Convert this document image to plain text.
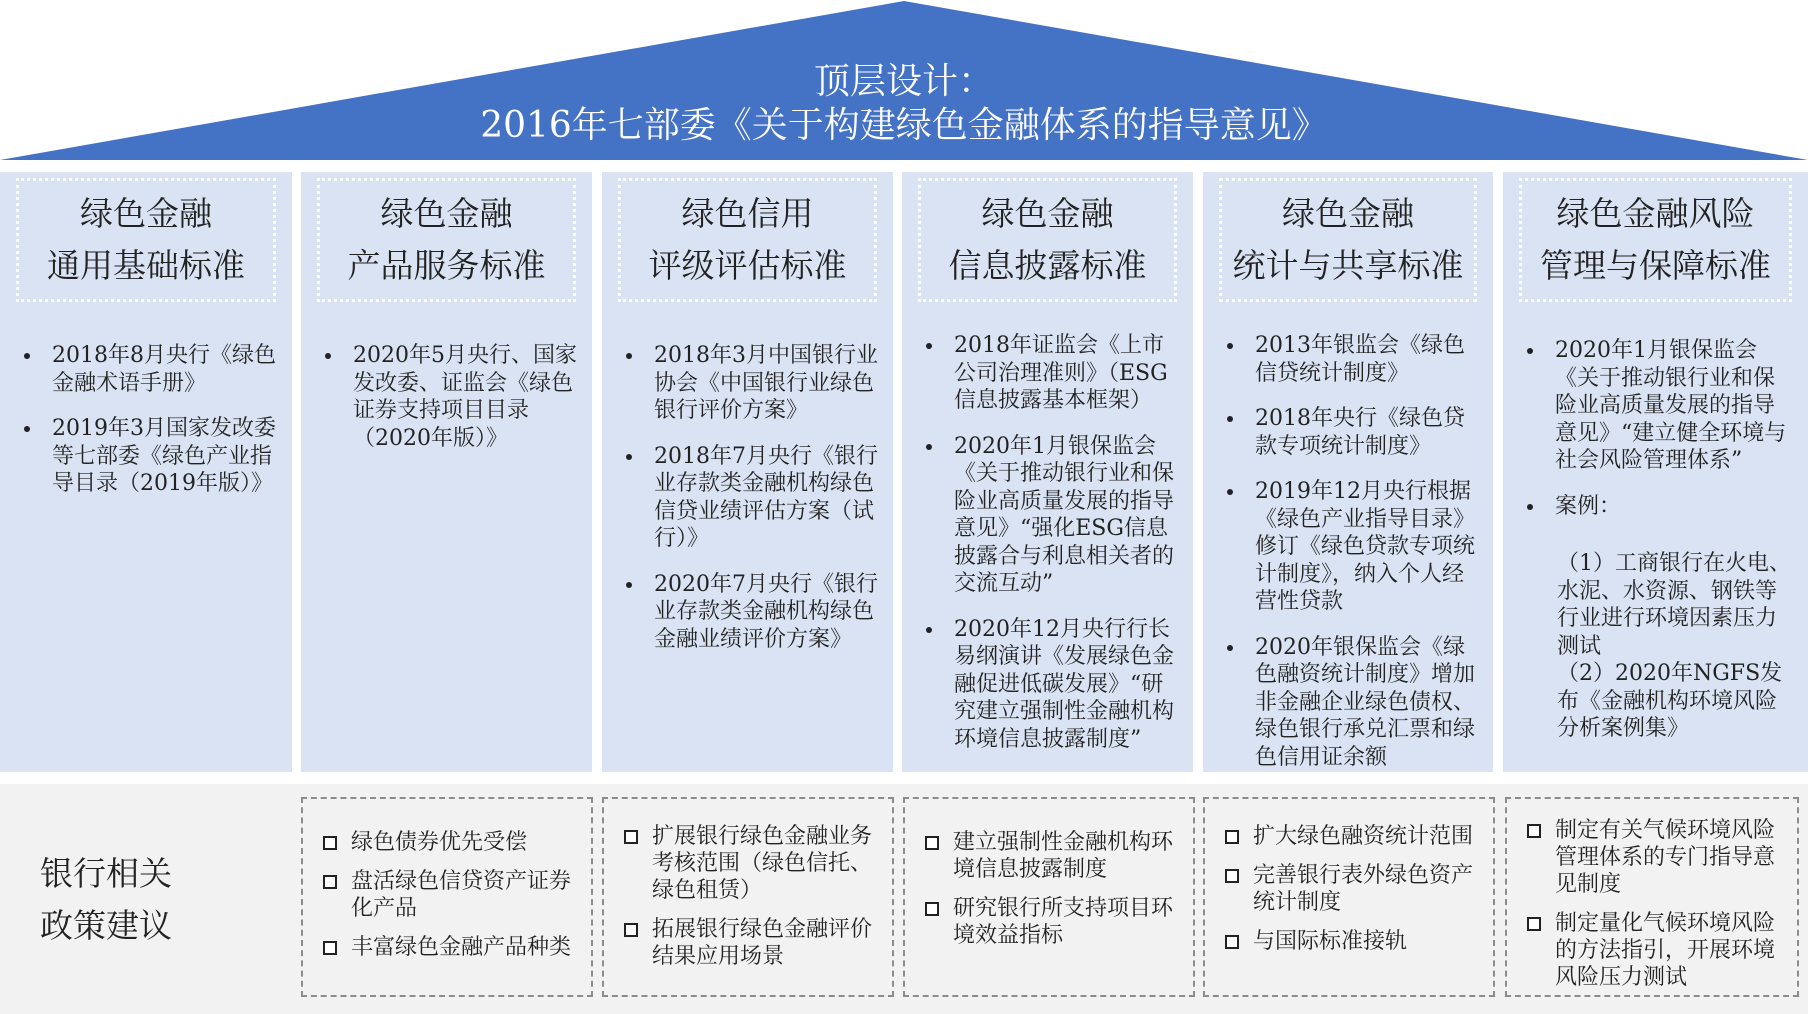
顶层设计：
2016年七部委《关于构建绿色金融体系的指导意见》
绿色金融
通用基础标准
2018年8月央行《绿色金融术语手册》
2019年3月国家发改委等七部委《绿色产业指导目录（2019年版）》
绿色金融
产品服务标准
2020年5月央行、国家发改委、证监会《绿色证券支持项目目录（2020年版）》
绿色信用
评级评估标准
2018年3月中国银行业协会《中国银行业绿色银行评价方案》
2018年7月央行《银行业存款类金融机构绿色信贷业绩评估方案（试行）》
2020年7月央行《银行业存款类金融机构绿色金融业绩评价方案》
绿色金融
信息披露标准
2018年证监会《上市公司治理准则》（ESG信息披露基本框架）
2020年1月银保监会《关于推动银行业和保险业高质量发展的指导意见》“强化ESG信息披露合与利息相关者的交流互动”
2020年12月央行行长易纲演讲《发展绿色金融促进低碳发展》“研究建立强制性金融机构环境信息披露制度”
绿色金融
统计与共享标准
2013年银监会《绿色信贷统计制度》
2018年央行《绿色贷款专项统计制度》
2019年12月央行根据《绿色产业指导目录》修订《绿色贷款专项统计制度》，纳入个人经营性贷款
2020年银保监会《绿色融资统计制度》增加非金融企业绿色债权、绿色银行承兑汇票和绿色信用证余额
绿色金融风险
管理与保障标准
2020年1月银保监会《关于推动银行业和保险业高质量发展的指导意见》“建立健全环境与社会风险管理体系”
案例：
（1）工商银行在火电、水泥、水资源、钢铁等行业进行环境因素压力测试
（2）2020年NGFS发布《金融机构环境风险分析案例集》
银行相关
政策建议
绿色债券优先受偿
盘活绿色信贷资产证券化产品
丰富绿色金融产品种类
扩展银行绿色金融业务考核范围（绿色信托、绿色租赁）
拓展银行绿色金融评价结果应用场景
建立强制性金融机构环境信息披露制度
研究银行所支持项目环境效益指标
扩大绿色融资统计范围
完善银行表外绿色资产统计制度
与国际标准接轨
制定有关气候环境风险管理体系的专门指导意见制度
制定量化气候环境风险的方法指引，开展环境风险压力测试
